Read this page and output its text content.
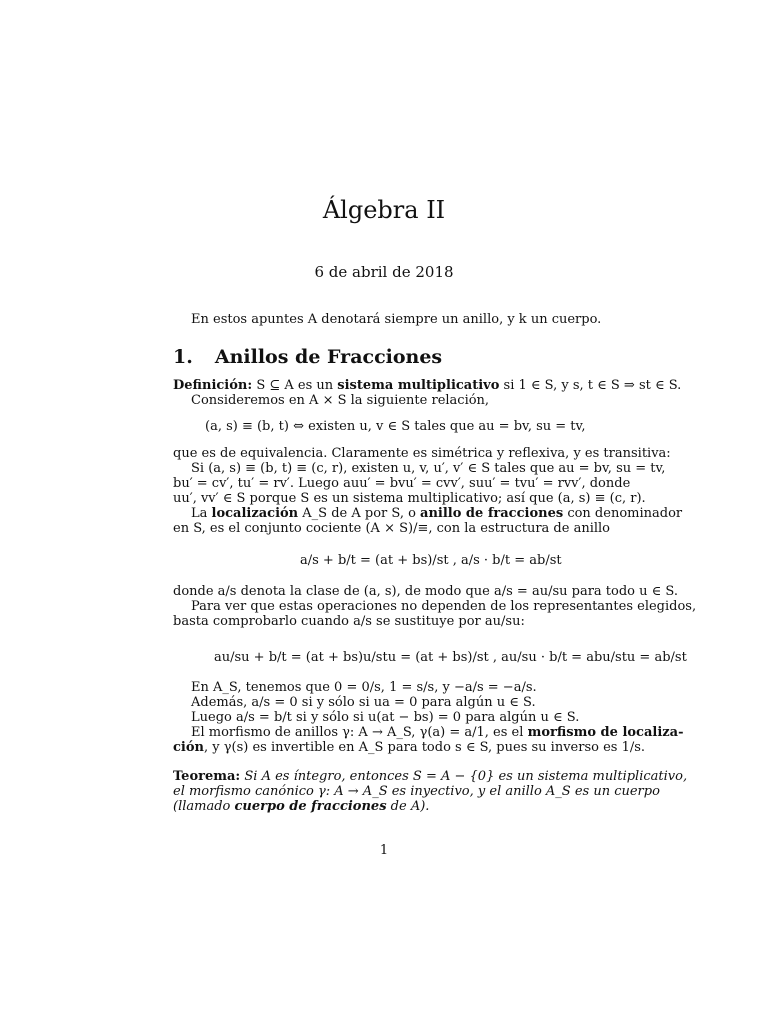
Álgebra II
6 de abril de 2018
En estos apuntes A denotará siempre un anillo, y k un cuerpo.
1. Anillos de Fracciones
Definición: S ⊆ A es un sistema multiplicativo si 1 ∈ S, y s, t ∈ S ⇒ st ∈ S.
Consideremos en A × S la siguiente relación,
(a, s) ≡ (b, t) ⇔ existen u, v ∈ S tales que au = bv, su = tv,
que es de equivalencia. Claramente es simétrica y reflexiva, y es transitiva:
Si (a, s) ≡ (b, t) ≡ (c, r), existen u, v, u′, v′ ∈ S tales que au = bv, su = tv,
bu′ = cv′, tu′ = rv′. Luego auu′ = bvu′ = cvv′, suu′ = tvu′ = rvv′, donde
uu′, vv′ ∈ S porque S es un sistema multiplicativo; así que (a, s) ≡ (c, r).
La localización A_S de A por S, o anillo de fracciones con denominador
en S, es el conjunto cociente (A × S)/≡, con la estructura de anillo
a/s + b/t = (at + bs)/st , a/s · b/t = ab/st
donde a/s denota la clase de (a, s), de modo que a/s = au/su para todo u ∈ S.
Para ver que estas operaciones no dependen de los representantes elegidos,
basta comprobarlo cuando a/s se sustituye por au/su:
au/su + b/t = (at + bs)u/stu = (at + bs)/st , au/su · b/t = abu/stu = ab/st
En A_S, tenemos que 0 = 0/s, 1 = s/s, y −a/s = −a/s.
Además, a/s = 0 si y sólo si ua = 0 para algún u ∈ S.
Luego a/s = b/t si y sólo si u(at − bs) = 0 para algún u ∈ S.
El morfismo de anillos γ: A → A_S, γ(a) = a/1, es el morfismo de localiza-
ción, y γ(s) es invertible en A_S para todo s ∈ S, pues su inverso es 1/s.
Teorema: Si A es íntegro, entonces S = A − {0} es un sistema multiplicativo,
el morfismo canónico γ: A → A_S es inyectivo, y el anillo A_S es un cuerpo
(llamado cuerpo de fracciones de A).
1
